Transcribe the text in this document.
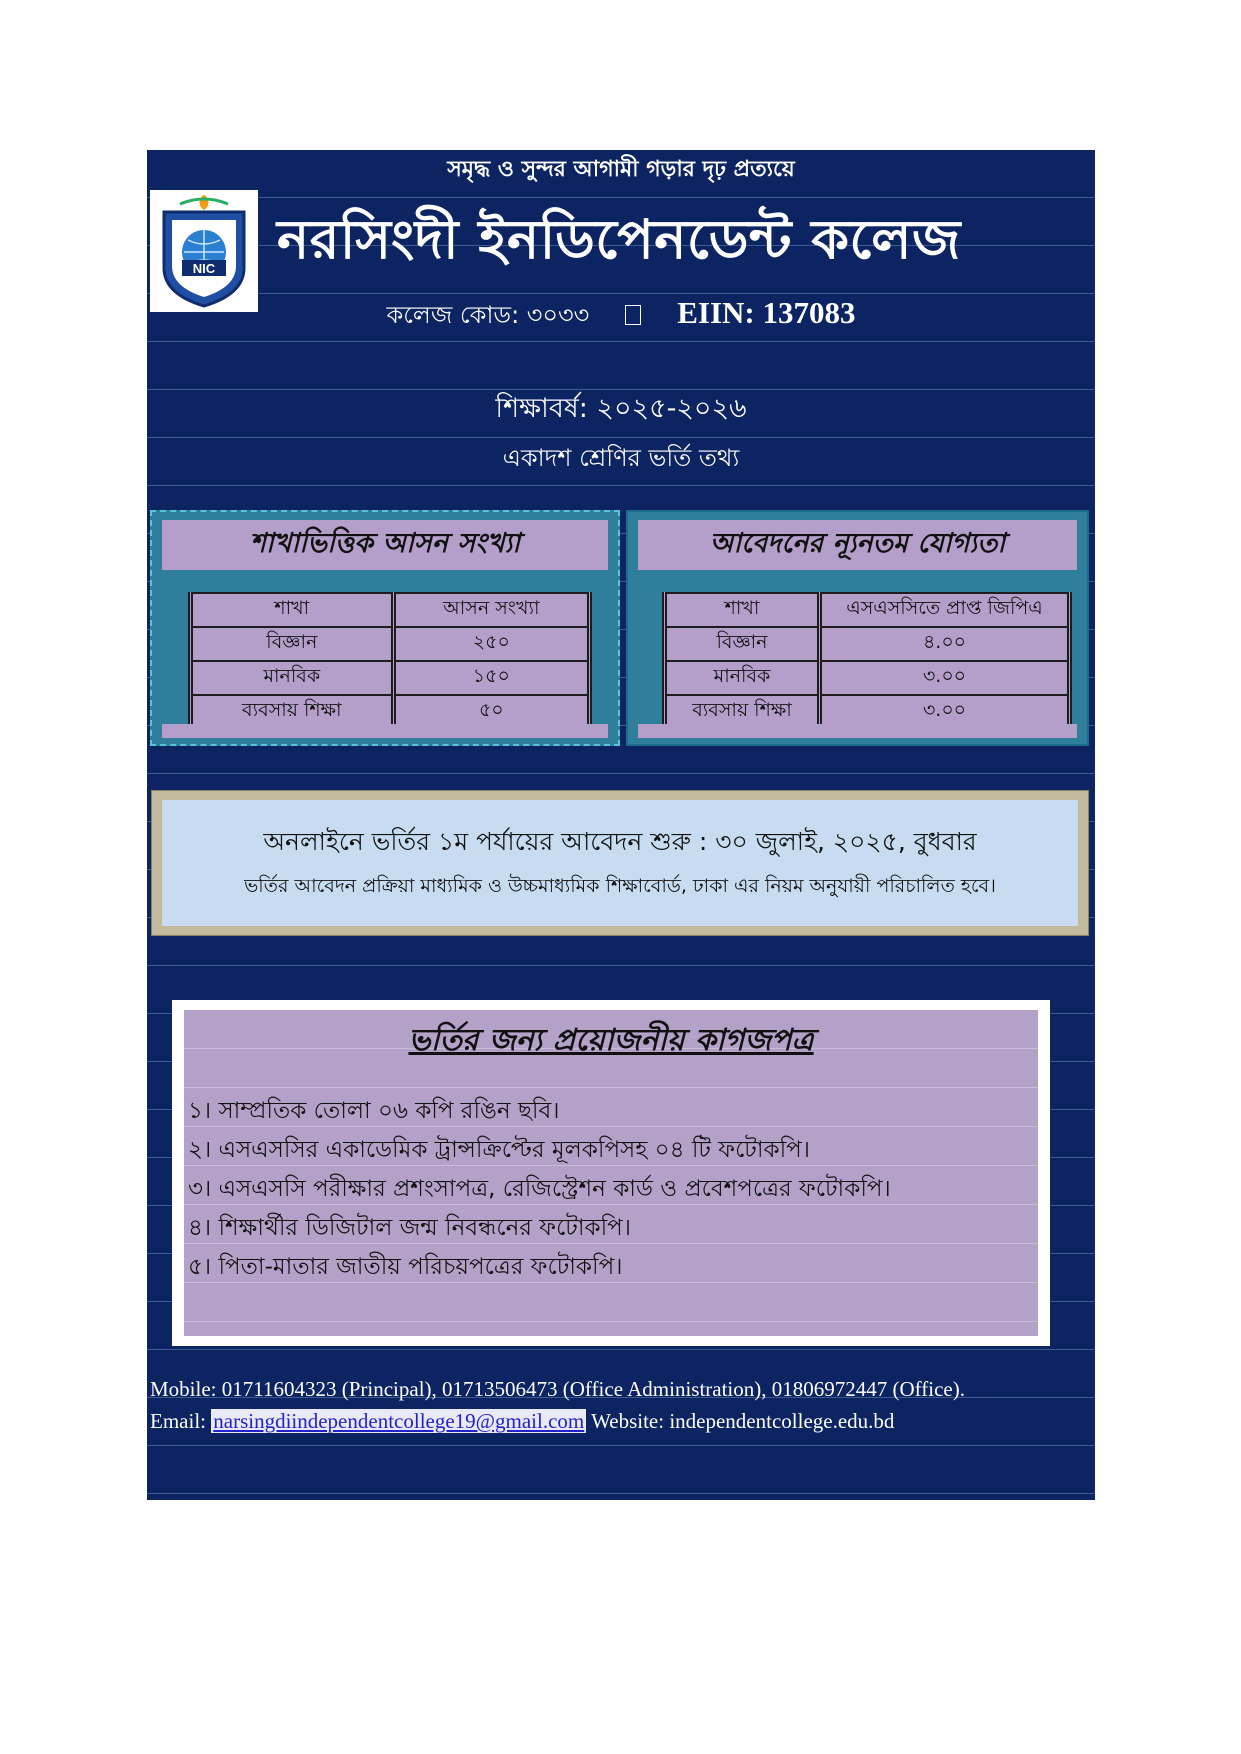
সমৃদ্ধ ও সুন্দর আগামী গড়ার দৃঢ় প্রত্যয়ে
NIC নরসিংদী ইনডিপেনডেন্ট কলেজ
কলেজ কোড: ৩০৩৩	EIIN: 137083
শিক্ষাবর্ষ: ২০২৫-২০২৬
একাদশ শ্রেণির ভর্তি তথ্য
শাখাভিত্তিক আসন সংখ্যা
শাখা	আসন সংখ্যা
বিজ্ঞান	২৫০
মানবিক	১৫০
ব্যবসায় শিক্ষা	৫০
আবেদনের ন্যূনতম যোগ্যতা
শাখা	এসএসসিতে প্রাপ্ত জিপিএ
বিজ্ঞান	৪.০০
মানবিক	৩.০০
ব্যবসায় শিক্ষা	৩.০০
অনলাইনে ভর্তির ১ম পর্যায়ের আবেদন শুরু : ৩০ জুলাই, ২০২৫, বুধবার
ভর্তির আবেদন প্রক্রিয়া মাধ্যমিক ও উচ্চমাধ্যমিক শিক্ষাবোর্ড, ঢাকা এর নিয়ম অনুযায়ী পরিচালিত হবে।
ভর্তির জন্য প্রয়োজনীয় কাগজপত্র
১। সাম্প্রতিক তোলা ০৬ কপি রঙিন ছবি।
২। এসএসসির একাডেমিক ট্রান্সক্রিপ্টের মূলকপিসহ ০৪ টি ফটোকপি।
৩। এসএসসি পরীক্ষার প্রশংসাপত্র, রেজিস্ট্রেশন কার্ড ও প্রবেশপত্রের ফটোকপি।
৪। শিক্ষার্থীর ডিজিটাল জন্ম নিবন্ধনের ফটোকপি।
৫। পিতা-মাতার জাতীয় পরিচয়পত্রের ফটোকপি।
Mobile: 01711604323 (Principal), 01713506473 (Office Administration), 01806972447 (Office).
Email: narsingdiindependentcollege19@gmail.com Website: independentcollege.edu.bd
